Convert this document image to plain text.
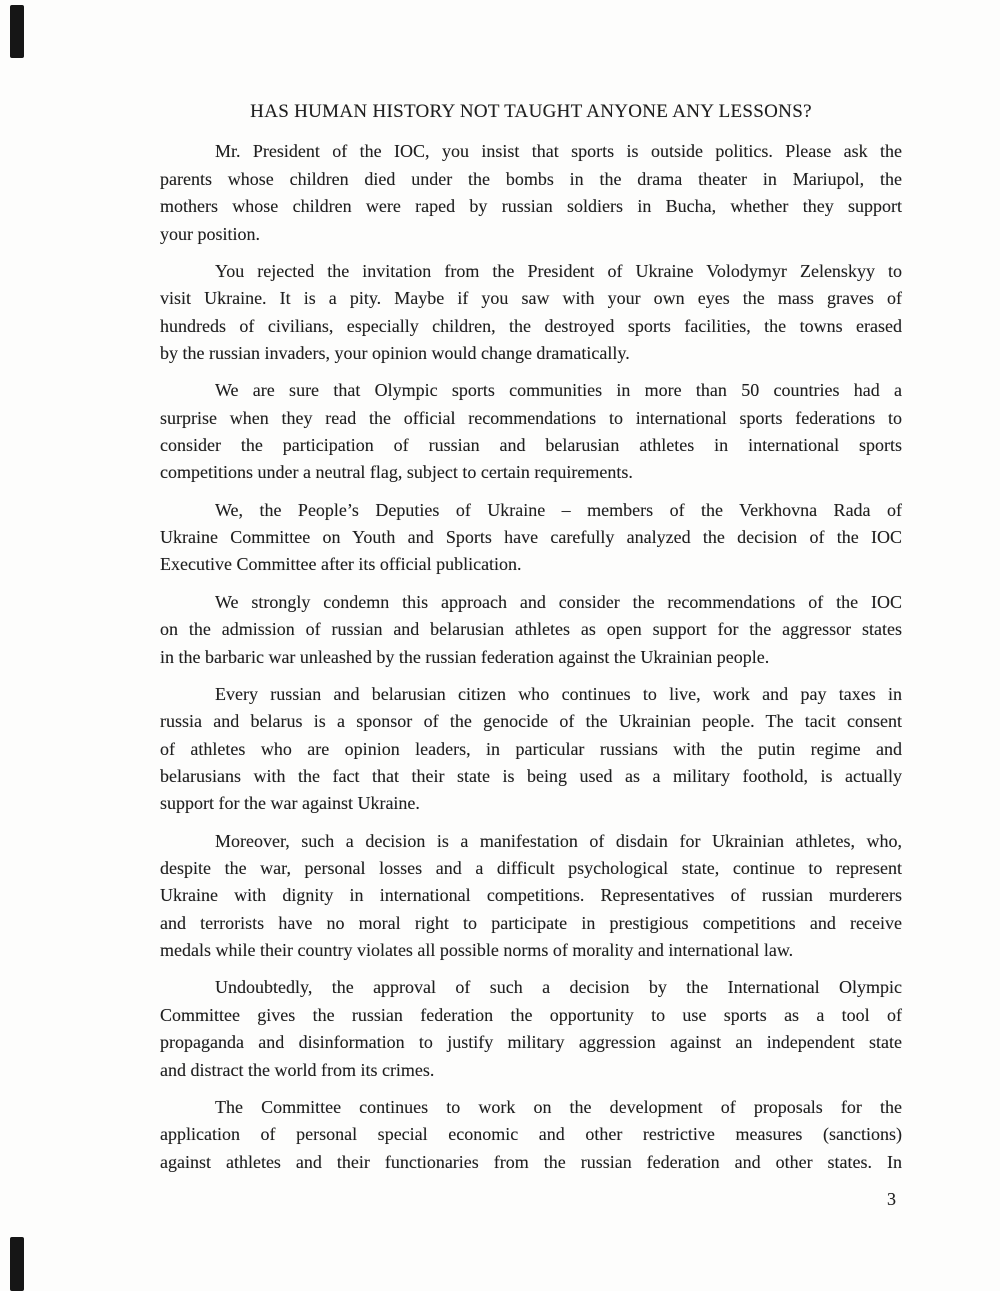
HAS HUMAN HISTORY NOT TAUGHT ANYONE ANY LESSONS?
Mr. President of the IOC, you insist that sports is outside politics. Please ask the
parents whose children died under the bombs in the drama theater in Mariupol, the
mothers whose children were raped by russian soldiers in Bucha, whether they support
your position.
You rejected the invitation from the President of Ukraine Volodymyr Zelenskyy to
visit Ukraine. It is a pity. Maybe if you saw with your own eyes the mass graves of
hundreds of civilians, especially children, the destroyed sports facilities, the towns erased
by the russian invaders, your opinion would change dramatically.
We are sure that Olympic sports communities in more than 50 countries had a
surprise when they read the official recommendations to international sports federations to
consider the participation of russian and belarusian athletes in international sports
competitions under a neutral flag, subject to certain requirements.
We, the People’s Deputies of Ukraine – members of the Verkhovna Rada of
Ukraine Committee on Youth and Sports have carefully analyzed the decision of the IOC
Executive Committee after its official publication.
We strongly condemn this approach and consider the recommendations of the IOC
on the admission of russian and belarusian athletes as open support for the aggressor states
in the barbaric war unleashed by the russian federation against the Ukrainian people.
Every russian and belarusian citizen who continues to live, work and pay taxes in
russia and belarus is a sponsor of the genocide of the Ukrainian people. The tacit consent
of athletes who are opinion leaders, in particular russians with the putin regime and
belarusians with the fact that their state is being used as a military foothold, is actually
support for the war against Ukraine.
Moreover, such a decision is a manifestation of disdain for Ukrainian athletes, who,
despite the war, personal losses and a difficult psychological state, continue to represent
Ukraine with dignity in international competitions. Representatives of russian murderers
and terrorists have no moral right to participate in prestigious competitions and receive
medals while their country violates all possible norms of morality and international law.
Undoubtedly, the approval of such a decision by the International Olympic
Committee gives the russian federation the opportunity to use sports as a tool of
propaganda and disinformation to justify military aggression against an independent state
and distract the world from its crimes.
The Committee continues to work on the development of proposals for the
application of personal special economic and other restrictive measures (sanctions)
against athletes and their functionaries from the russian federation and other states. In
3
